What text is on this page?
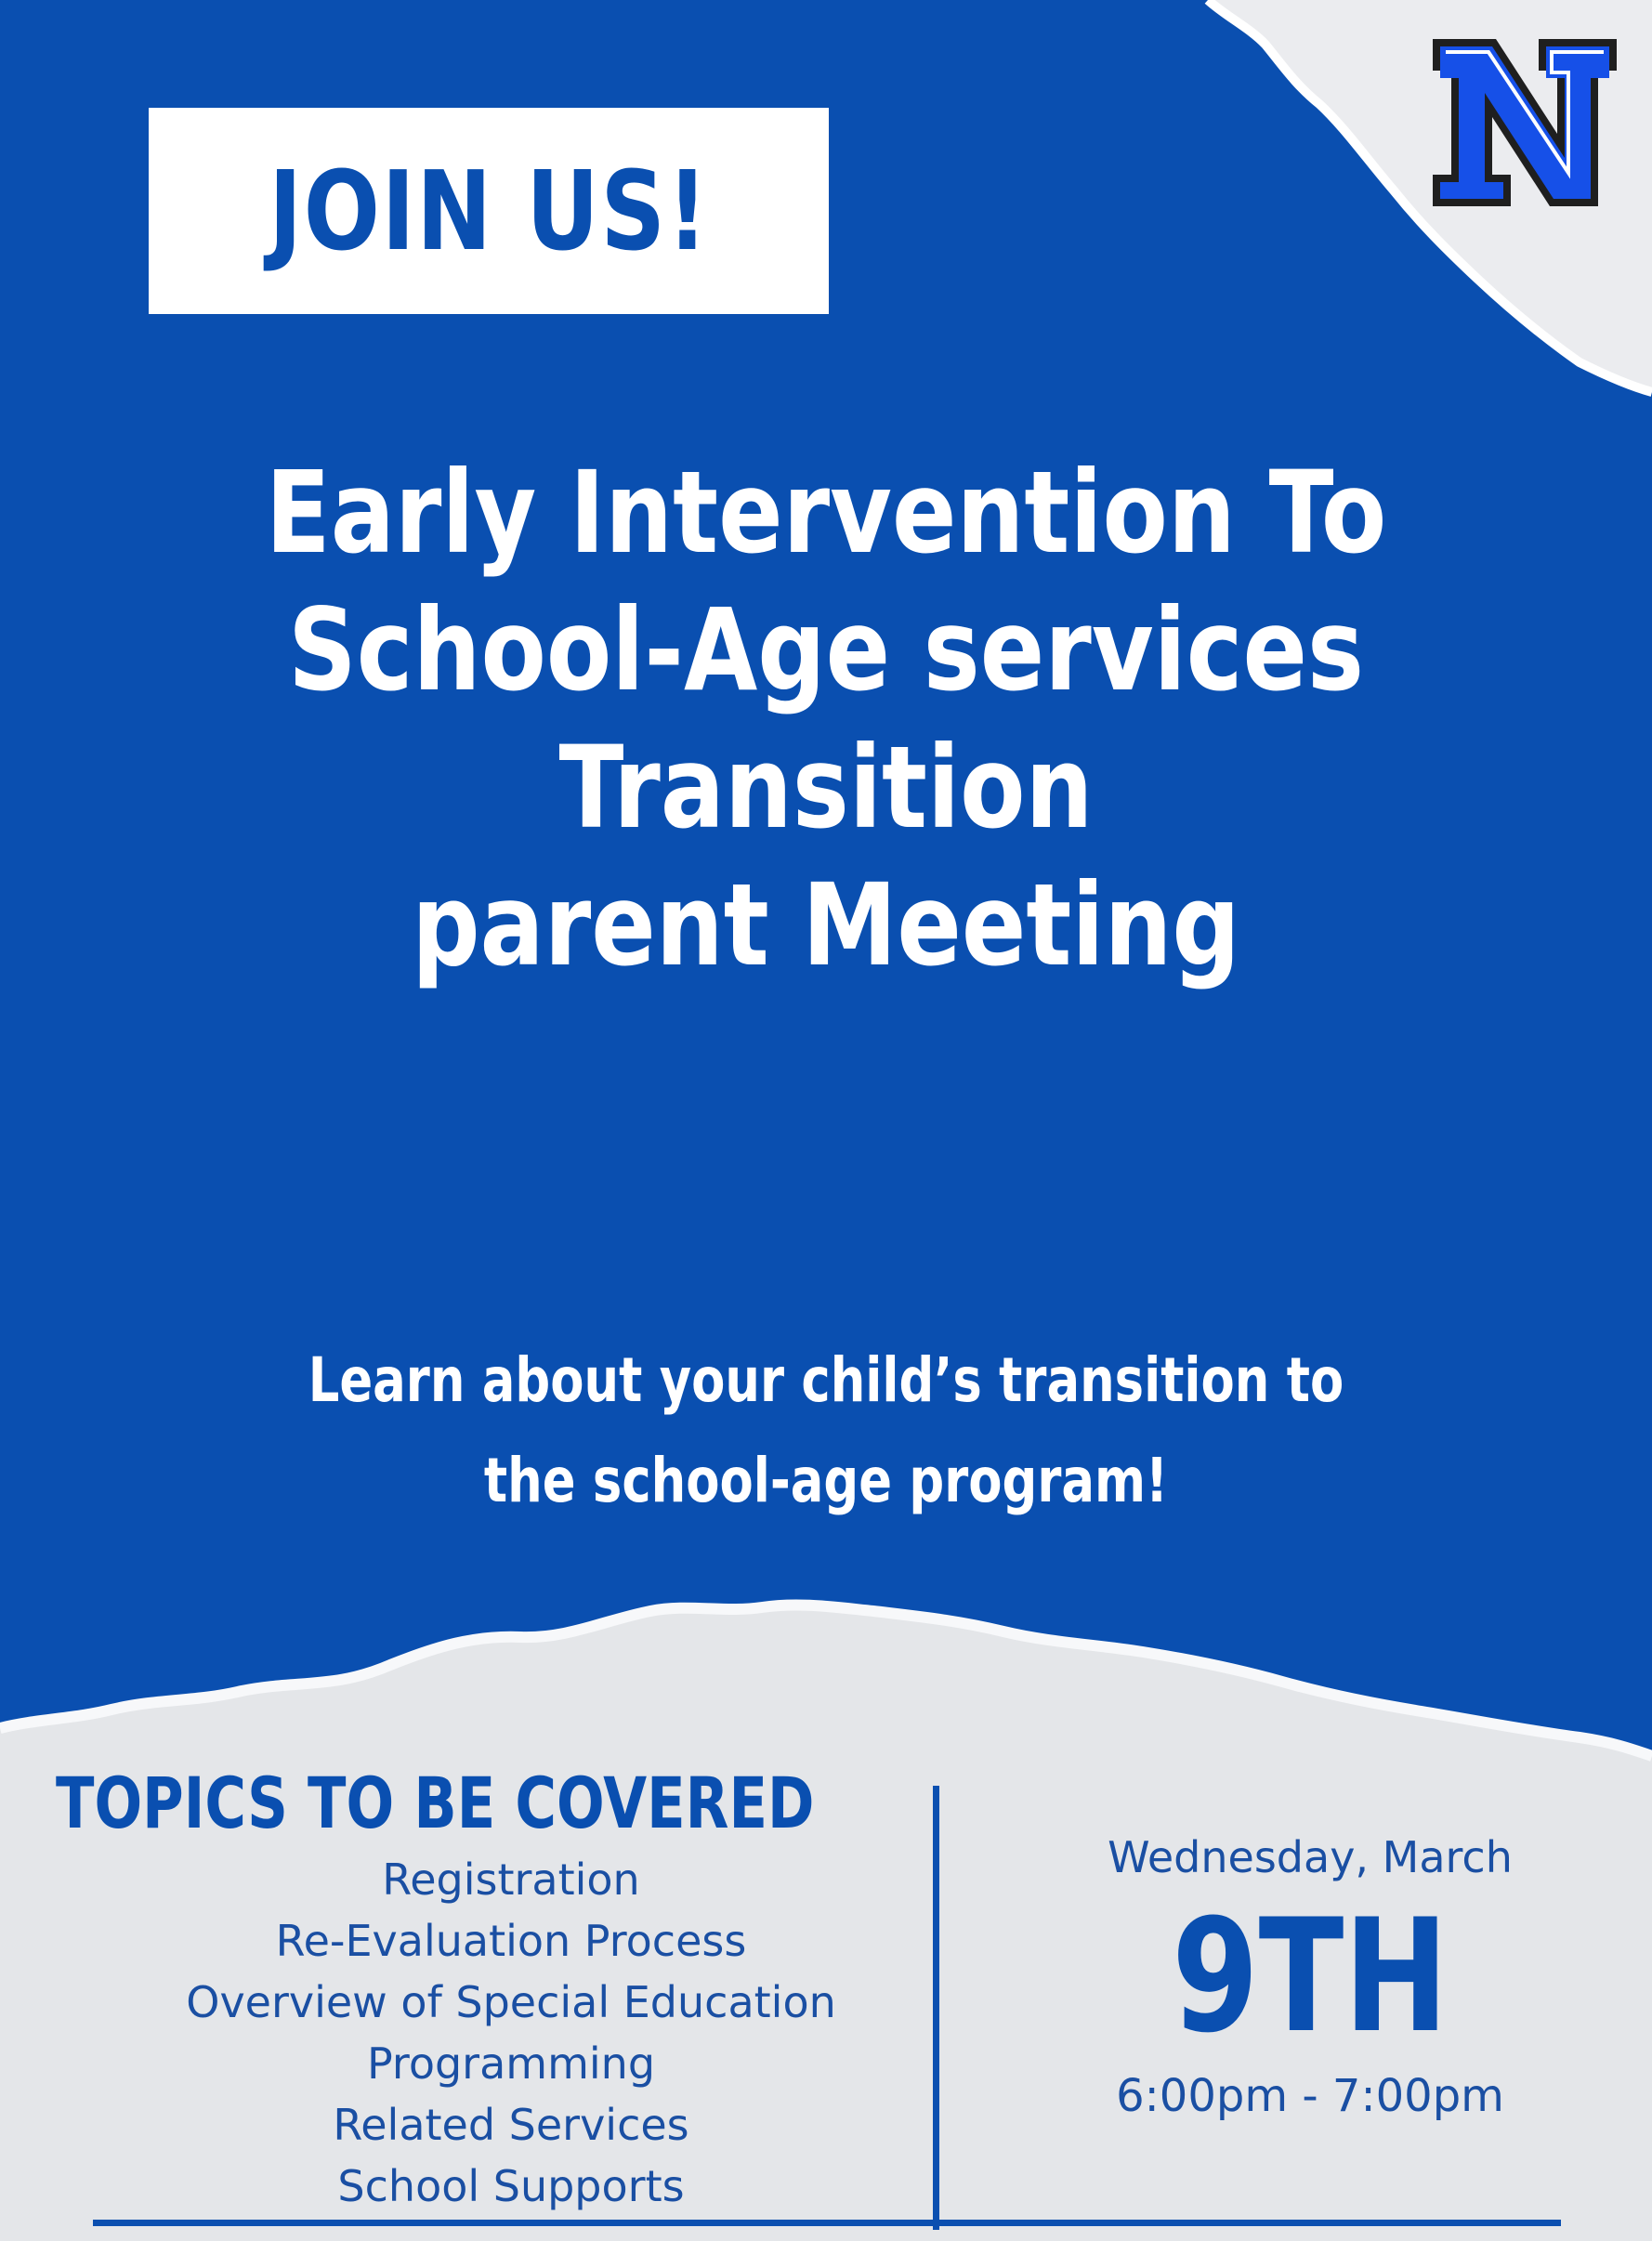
JOIN US!
Early Intervention To
School-Age services
Transition
parent Meeting
Learn about your child’s transition to
the school-age program!
TOPICS TO BE COVERED
Registration
Re-Evaluation Process
Overview of Special Education
Programming
Related Services
School Supports
Wednesday, March
9TH
6:00pm - 7:00pm
